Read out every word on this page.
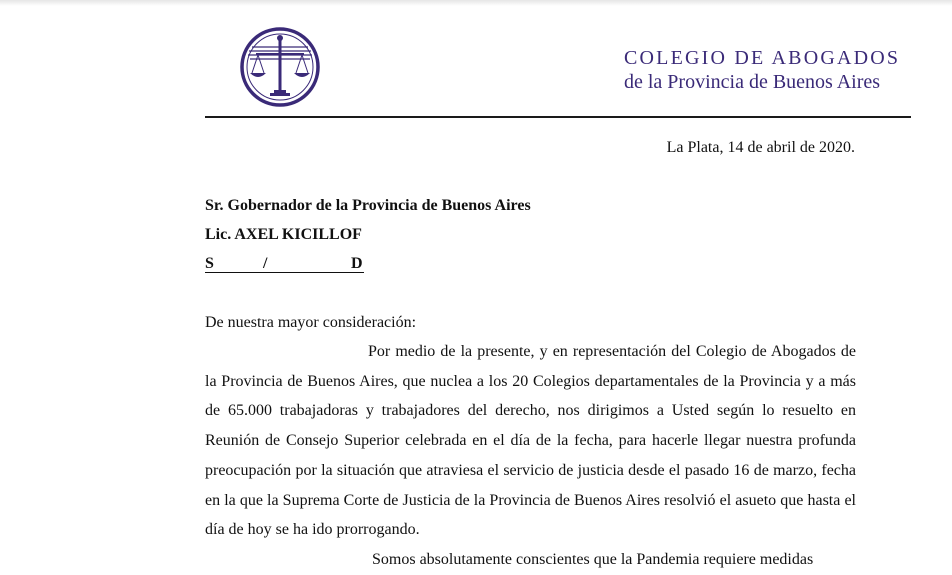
COLEGIO DE ABOGADOS
de la Provincia de Buenos Aires
La Plata, 14 de abril de 2020.
Sr. Gobernador de la Provincia de Buenos Aires
Lic. AXEL KICILLOF
S	/	D
De nuestra mayor consideración:

Por medio de la presente, y en representación del Colegio de Abogados de la Provincia de Buenos Aires, que nuclea a los 20 Colegios departamentales de la Provincia y a más de 65.000 trabajadoras y trabajadores del derecho, nos dirigimos a Usted según lo resuelto en Reunión de Consejo Superior celebrada en el día de la fecha, para hacerle llegar nuestra profunda preocupación por la situación que atraviesa el servicio de justicia desde el pasado 16 de marzo, fecha en la que la Suprema Corte de Justicia de la Provincia de Buenos Aires resolvió el asueto que hasta el día de hoy se ha ido prorrogando.

Somos absolutamente conscientes que la Pandemia requiere medidas
